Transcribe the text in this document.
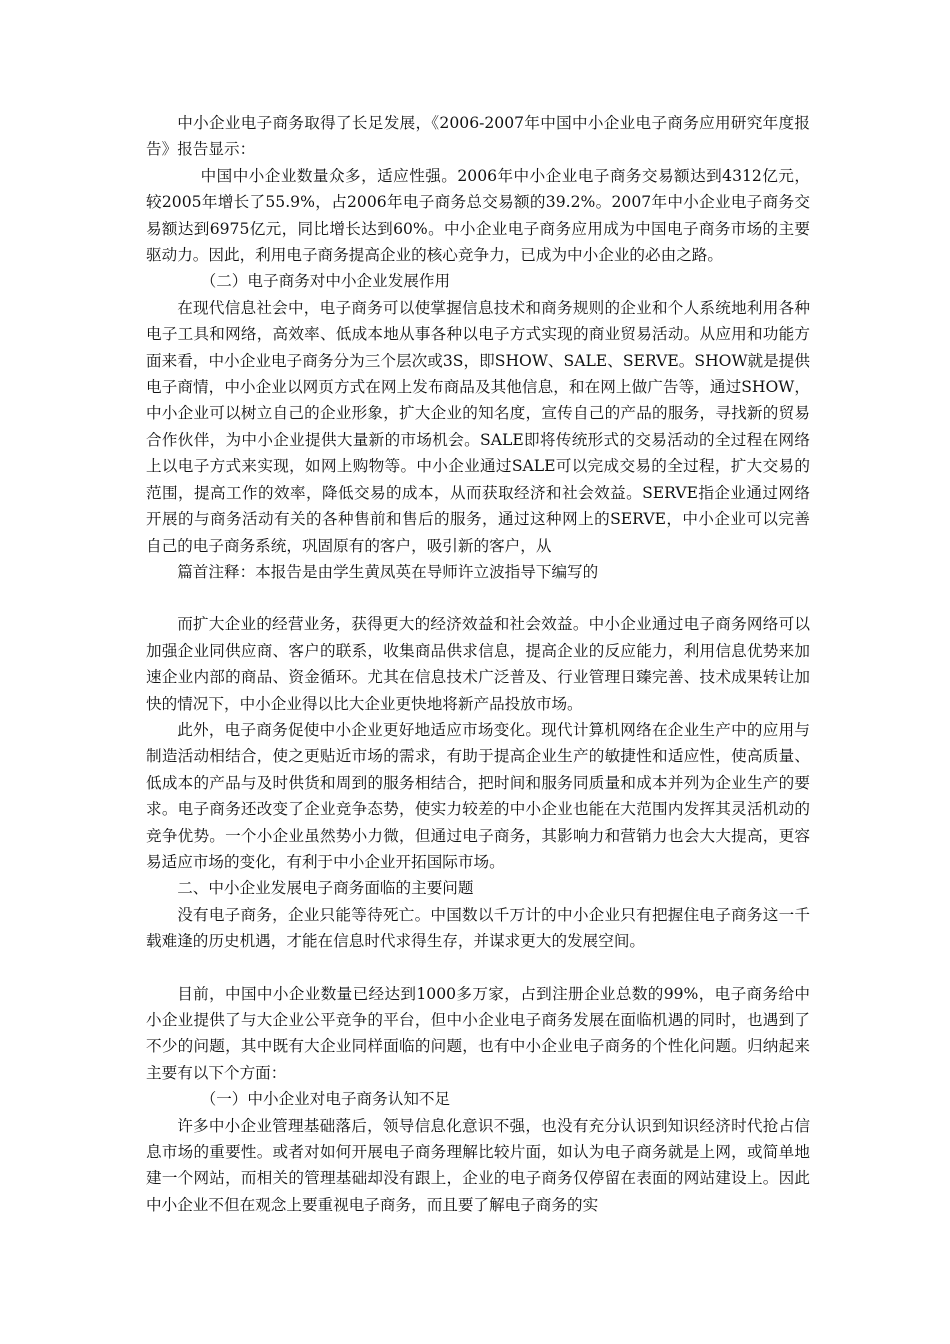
中小企业电子商务取得了长足发展，《2006-2007年中国中小企业电子商务应用研究年度报告》报告显示：

中国中小企业数量众多，适应性强。2006年中小企业电子商务交易额达到4312亿元，较2005年增长了55.9%，占2006年电子商务总交易额的39.2%。2007年中小企业电子商务交易额达到6975亿元，同比增长达到60%。中小企业电子商务应用成为中国电子商务市场的主要驱动力。因此，利用电子商务提高企业的核心竞争力，已成为中小企业的必由之路。

（二）电子商务对中小企业发展作用

在现代信息社会中，电子商务可以使掌握信息技术和商务规则的企业和个人系统地利用各种电子工具和网络，高效率、低成本地从事各种以电子方式实现的商业贸易活动。从应用和功能方面来看，中小企业电子商务分为三个层次或3S，即SHOW、SALE、SERVE。SHOW就是提供电子商情，中小企业以网页方式在网上发布商品及其他信息，和在网上做广告等，通过SHOW，中小企业可以树立自己的企业形象，扩大企业的知名度，宣传自己的产品的服务，寻找新的贸易合作伙伴，为中小企业提供大量新的市场机会。SALE即将传统形式的交易活动的全过程在网络上以电子方式来实现，如网上购物等。中小企业通过SALE可以完成交易的全过程，扩大交易的范围，提高工作的效率，降低交易的成本，从而获取经济和社会效益。SERVE指企业通过网络开展的与商务活动有关的各种售前和售后的服务，通过这种网上的SERVE，中小企业可以完善自己的电子商务系统，巩固原有的客户，吸引新的客户，从

篇首注释：本报告是由学生黄凤英在导师许立波指导下编写的

而扩大企业的经营业务，获得更大的经济效益和社会效益。中小企业通过电子商务网络可以加强企业同供应商、客户的联系，收集商品供求信息，提高企业的反应能力，利用信息优势来加速企业内部的商品、资金循环。尤其在信息技术广泛普及、行业管理日臻完善、技术成果转让加快的情况下，中小企业得以比大企业更快地将新产品投放市场。

此外，电子商务促使中小企业更好地适应市场变化。现代计算机网络在企业生产中的应用与制造活动相结合，使之更贴近市场的需求，有助于提高企业生产的敏捷性和适应性，使高质量、低成本的产品与及时供货和周到的服务相结合，把时间和服务同质量和成本并列为企业生产的要求。电子商务还改变了企业竞争态势，使实力较差的中小企业也能在大范围内发挥其灵活机动的竞争优势。一个小企业虽然势小力微，但通过电子商务，其影响力和营销力也会大大提高，更容易适应市场的变化，有利于中小企业开拓国际市场。

二、中小企业发展电子商务面临的主要问题

没有电子商务，企业只能等待死亡。中国数以千万计的中小企业只有把握住电子商务这一千载难逢的历史机遇，才能在信息时代求得生存，并谋求更大的发展空间。

目前，中国中小企业数量已经达到1000多万家，占到注册企业总数的99%，电子商务给中小企业提供了与大企业公平竞争的平台，但中小企业电子商务发展在面临机遇的同时，也遇到了不少的问题，其中既有大企业同样面临的问题，也有中小企业电子商务的个性化问题。归纳起来主要有以下个方面：

（一）中小企业对电子商务认知不足

许多中小企业管理基础落后，领导信息化意识不强，也没有充分认识到知识经济时代抢占信息市场的重要性。或者对如何开展电子商务理解比较片面，如认为电子商务就是上网，或简单地建一个网站，而相关的管理基础却没有跟上，企业的电子商务仅停留在表面的网站建设上。因此中小企业不但在观念上要重视电子商务，而且要了解电子商务的实
